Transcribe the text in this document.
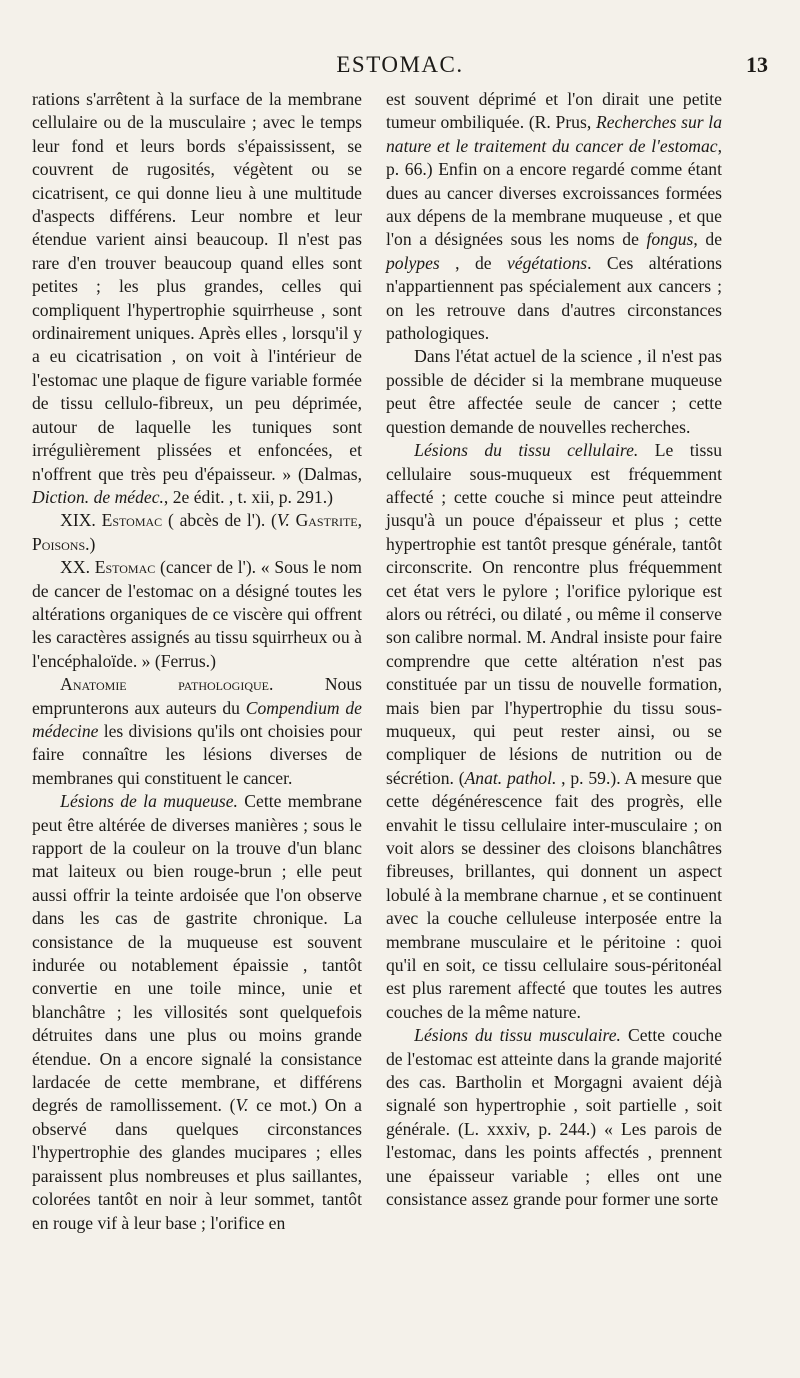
ESTOMAC.	13

rations s'arrêtent à la surface de la membrane cellulaire ou de la musculaire ; avec le temps leur fond et leurs bords s'épaississent, se couvrent de rugosités, végètent ou se cicatrisent, ce qui donne lieu à une multitude d'aspects différens. Leur nombre et leur étendue varient ainsi beaucoup. Il n'est pas rare d'en trouver beaucoup quand elles sont petites ; les plus grandes, celles qui compliquent l'hypertrophie squirrheuse , sont ordinairement uniques. Après elles , lorsqu'il y a eu cicatrisation , on voit à l'intérieur de l'estomac une plaque de figure variable formée de tissu cellulo-fibreux, un peu déprimée, autour de laquelle les tuniques sont irrégulièrement plissées et enfoncées, et n'offrent que très peu d'épaisseur. » (Dalmas, Diction. de médec., 2e édit. , t. xii, p. 291.)

XIX. Estomac ( abcès de l'). (V. Gastrite, Poisons.)

XX. Estomac (cancer de l'). « Sous le nom de cancer de l'estomac on a désigné toutes les altérations organiques de ce viscère qui offrent les caractères assignés au tissu squirrheux ou à l'encéphaloïde. » (Ferrus.)

Anatomie pathologique. Nous emprunterons aux auteurs du Compendium de médecine les divisions qu'ils ont choisies pour faire connaître les lésions diverses de membranes qui constituent le cancer.

Lésions de la muqueuse. Cette membrane peut être altérée de diverses manières ; sous le rapport de la couleur on la trouve d'un blanc mat laiteux ou bien rouge-brun ; elle peut aussi offrir la teinte ardoisée que l'on observe dans les cas de gastrite chronique. La consistance de la muqueuse est souvent indurée ou notablement épaissie , tantôt convertie en une toile mince, unie et blanchâtre ; les villosités sont quelquefois détruites dans une plus ou moins grande étendue. On a encore signalé la consistance lardacée de cette membrane, et différens degrés de ramollissement. (V. ce mot.) On a observé dans quelques circonstances l'hypertrophie des glandes mucipares ; elles paraissent plus nombreuses et plus saillantes, colorées tantôt en noir à leur sommet, tantôt en rouge vif à leur base ; l'orifice en

est souvent déprimé et l'on dirait une petite tumeur ombiliquée. (R. Prus, Recherches sur la nature et le traitement du cancer de l'estomac, p. 66.) Enfin on a encore regardé comme étant dues au cancer diverses excroissances formées aux dépens de la membrane muqueuse , et que l'on a désignées sous les noms de fongus, de polypes , de végétations. Ces altérations n'appartiennent pas spécialement aux cancers ; on les retrouve dans d'autres circonstances pathologiques.

Dans l'état actuel de la science , il n'est pas possible de décider si la membrane muqueuse peut être affectée seule de cancer ; cette question demande de nouvelles recherches.

Lésions du tissu cellulaire. Le tissu cellulaire sous-muqueux est fréquemment affecté ; cette couche si mince peut atteindre jusqu'à un pouce d'épaisseur et plus ; cette hypertrophie est tantôt presque générale, tantôt circonscrite. On rencontre plus fréquemment cet état vers le pylore ; l'orifice pylorique est alors ou rétréci, ou dilaté , ou même il conserve son calibre normal. M. Andral insiste pour faire comprendre que cette altération n'est pas constituée par un tissu de nouvelle formation, mais bien par l'hypertrophie du tissu sous-muqueux, qui peut rester ainsi, ou se compliquer de lésions de nutrition ou de sécrétion. (Anat. pathol. , p. 59.). A mesure que cette dégénérescence fait des progrès, elle envahit le tissu cellulaire inter-musculaire ; on voit alors se dessiner des cloisons blanchâtres fibreuses, brillantes, qui donnent un aspect lobulé à la membrane charnue , et se continuent avec la couche celluleuse interposée entre la membrane musculaire et le péritoine : quoi qu'il en soit, ce tissu cellulaire sous-péritonéal est plus rarement affecté que toutes les autres couches de la même nature.

Lésions du tissu musculaire. Cette couche de l'estomac est atteinte dans la grande majorité des cas. Bartholin et Morgagni avaient déjà signalé son hypertrophie , soit partielle , soit générale. (L. xxxiv, p. 244.) « Les parois de l'estomac, dans les points affectés , prennent une épaisseur variable ; elles ont une consistance assez grande pour former une sorte
